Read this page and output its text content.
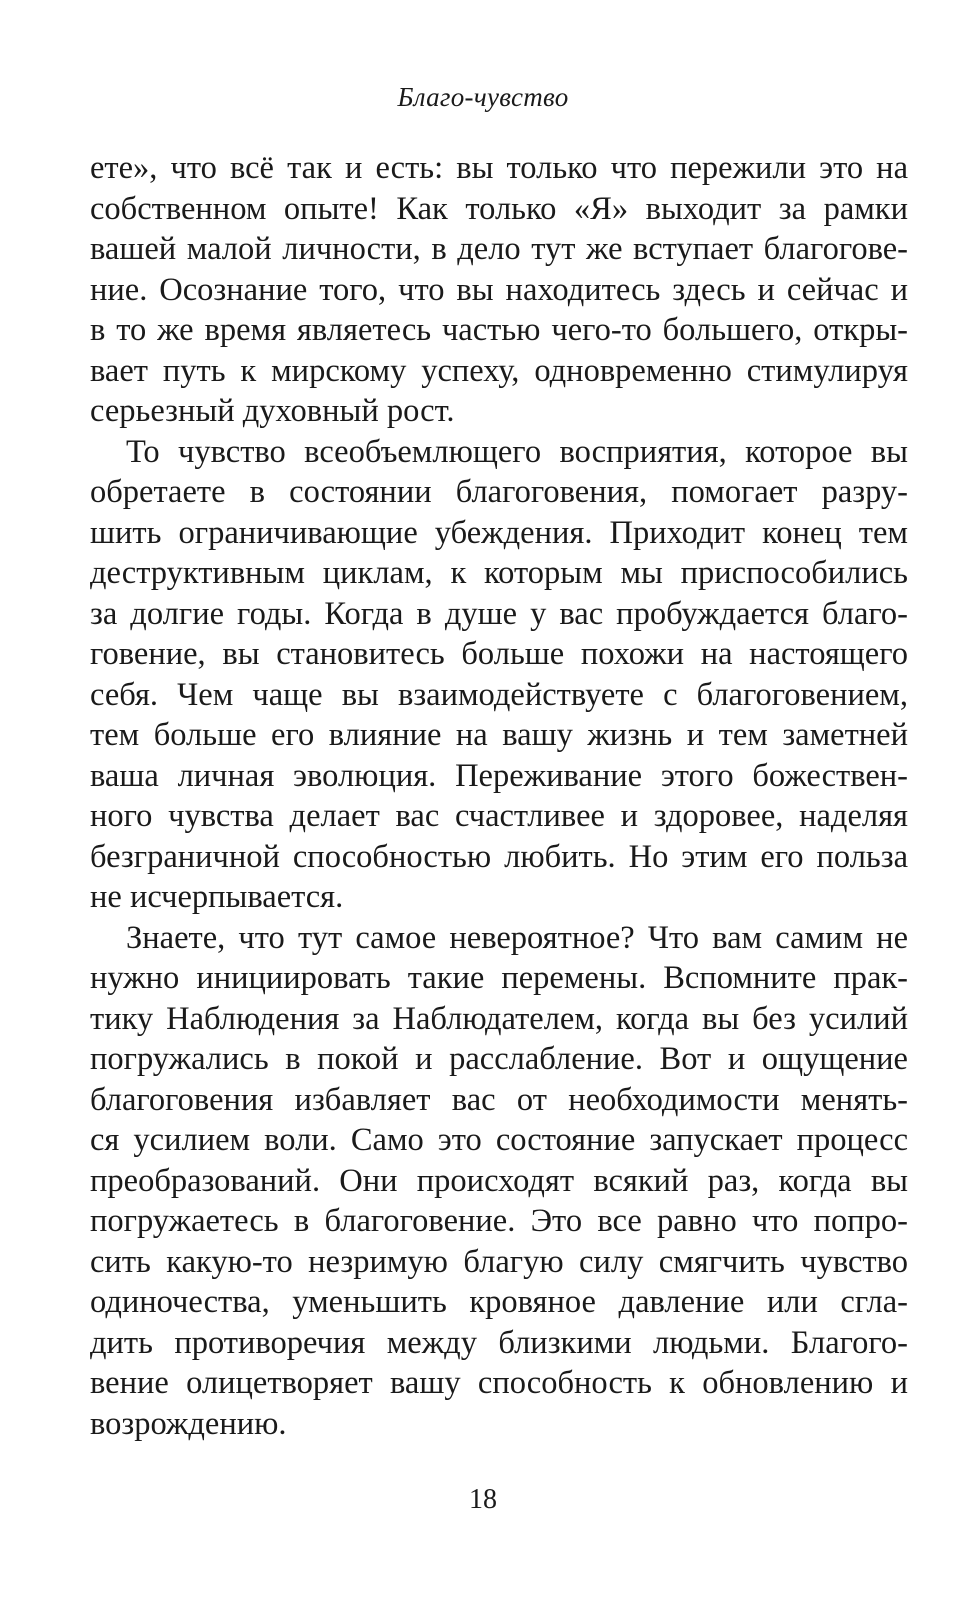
Благо-чувство
ете», что всё так и есть: вы только что пережили это на
собственном опыте! Как только «Я» выходит за рамки
вашей малой личности, в дело тут же вступает благогове-
ние. Осознание того, что вы находитесь здесь и сейчас и
в то же время являетесь частью чего-то большего, откры-
вает путь к мирскому успеху, одновременно стимулируя
серьезный духовный рост.
То чувство всеобъемлющего восприятия, которое вы
обретаете в состоянии благоговения, помогает разру-
шить ограничивающие убеждения. Приходит конец тем
деструктивным циклам, к которым мы приспособились
за долгие годы. Когда в душе у вас пробуждается благо-
говение, вы становитесь больше похожи на настоящего
себя. Чем чаще вы взаимодействуете с благоговением,
тем больше его влияние на вашу жизнь и тем заметней
ваша личная эволюция. Переживание этого божествен-
ного чувства делает вас счастливее и здоровее, наделяя
безграничной способностью любить. Но этим его польза
не исчерпывается.
Знаете, что тут самое невероятное? Что вам самим не
нужно инициировать такие перемены. Вспомните прак-
тику Наблюдения за Наблюдателем, когда вы без усилий
погружались в покой и расслабление. Вот и ощущение
благоговения избавляет вас от необходимости менять-
ся усилием воли. Само это состояние запускает процесс
преобразований. Они происходят всякий раз, когда вы
погружаетесь в благоговение. Это все равно что попро-
сить какую-то незримую благую силу смягчить чувство
одиночества, уменьшить кровяное давление или сгла-
дить противоречия между близкими людьми. Благого-
вение олицетворяет вашу способность к обновлению и
возрождению.
18
